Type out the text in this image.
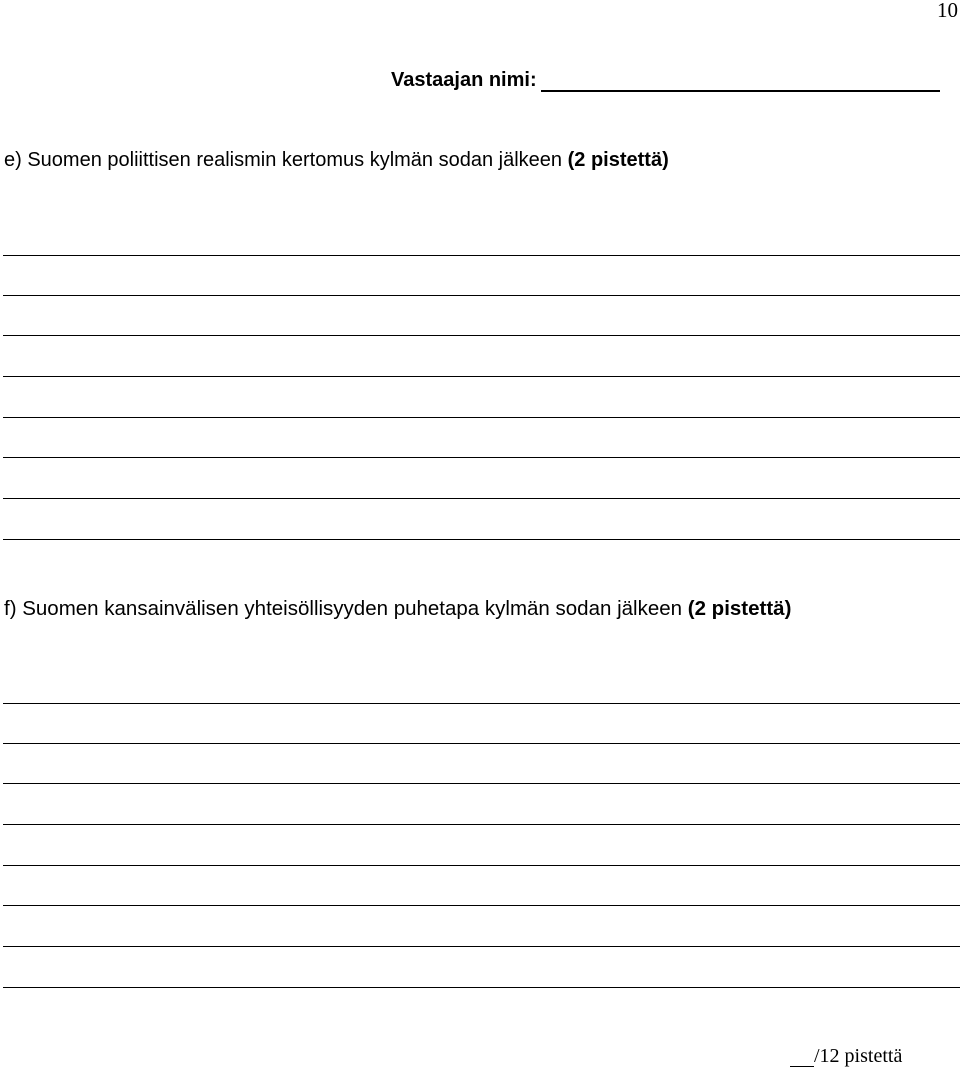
10
Vastaajan nimi:
e) Suomen poliittisen realismin kertomus kylmän sodan jälkeen (2 pistettä)
f) Suomen kansainvälisen yhteisöllisyyden puhetapa kylmän sodan jälkeen (2 pistettä)
/12 pistettä
